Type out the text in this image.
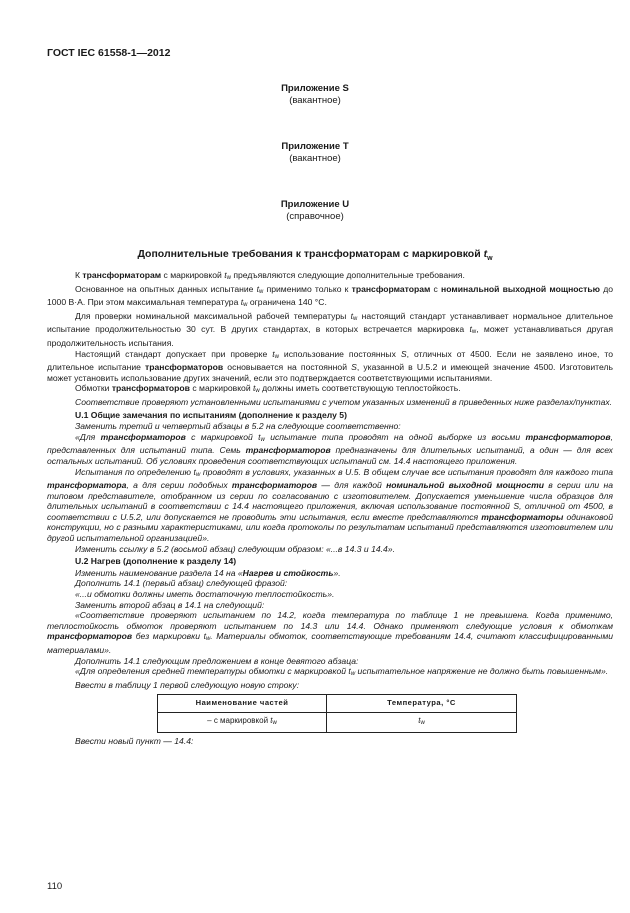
ГОСТ IEC 61558-1—2012
Приложение S
(вакантное)
Приложение T
(вакантное)
Приложение U
(справочное)
Дополнительные требования к трансформаторам с маркировкой $t_w$

К трансформаторам с маркировкой $t_w$ предъявляются следующие дополнительные требования.

Основанное на опытных данных испытание $t_w$ применимо только к трансформаторам с номинальной выходной мощностью до 1000 В·А. При этом максимальная температура $t_w$ ограничена 140 °С.

Для проверки номинальной максимальной рабочей температуры $t_w$ настоящий стандарт устанавливает нормальное длительное испытание продолжительностью 30 сут. В других стандартах, в которых встречается маркировка $t_w$, может устанавливаться другая продолжительность испытания.

Настоящий стандарт допускает при проверке $t_w$ использование постоянных S, отличных от 4500. Если не заявлено иное, то длительное испытание трансформаторов основывается на постоянной S, указанной в U.5.2 и имеющей значение 4500. Изготовитель может установить использование других значений, если это подтверждается соответствующими испытаниями.

Обмотки трансформаторов с маркировкой $t_w$ должны иметь соответствующую теплостойкость.

Соответствие проверяют установленными испытаниями с учетом указанных изменений в приведенных ниже разделах/пунктах.

U.1 Общие замечания по испытаниям (дополнение к разделу 5)

Заменить третий и четвертый абзацы в 5.2 на следующие соответственно:

«Для трансформаторов с маркировкой $t_w$ испытание типа проводят на одной выборке из восьми трансформаторов, представленных для испытаний типа. Семь трансформаторов предназначены для длительных испытаний, а один — для всех остальных испытаний. Об условиях проведения соответствующих испытаний см. 14.4 настоящего приложения.

Испытания по определению $t_w$ проводят в условиях, указанных в U.5. В общем случае все испытания проводят для каждого типа трансформатора, а для серии подобных трансформаторов — для каждой номинальной выходной мощности в серии или на типовом представителе, отобранном из серии по согласованию с изготовителем. Допускается уменьшение числа образцов для длительных испытаний в соответствии с 14.4 настоящего приложения, включая использование постоянной S, отличной от 4500, в соответствии с U.5.2, или допускается не проводить эти испытания, если вместе представляются трансформаторы одинаковой конструкции, но с разными характеристиками, или когда протоколы по результатам испытаний представляются изготовителем или другой испытательной организацией».

Изменить ссылку в 5.2 (восьмой абзац) следующим образом: «...в 14.3 и 14.4».

U.2 Нагрев (дополнение к разделу 14)

Изменить наименование раздела 14 на «Нагрев и стойкость».

Дополнить 14.1 (первый абзац) следующей фразой:

«...и обмотки должны иметь достаточную теплостойкость».

Заменить второй абзац в 14.1 на следующий:

«Соответствие проверяют испытанием по 14.2, когда температура по таблице 1 не превышена. Когда применимо, теплостойкость обмоток проверяют испытанием по 14.3 или 14.4. Однако применяют следующие условия к обмоткам трансформаторов без маркировки $t_w$. Материалы обмоток, соответствующие требованиям 14.4, считают классифицированными материалами».

Дополнить 14.1 следующим предложением в конце девятого абзаца:

«Для определения средней температуры обмотки с маркировкой $t_w$ испытательное напряжение не должно быть повышенным».

Ввести в таблицу 1 первой следующую новую строку:

Наименование частей	Температура, °С
– с маркировкой $t_w$	$t_w$

Ввести новый пункт — 14.4:

110
